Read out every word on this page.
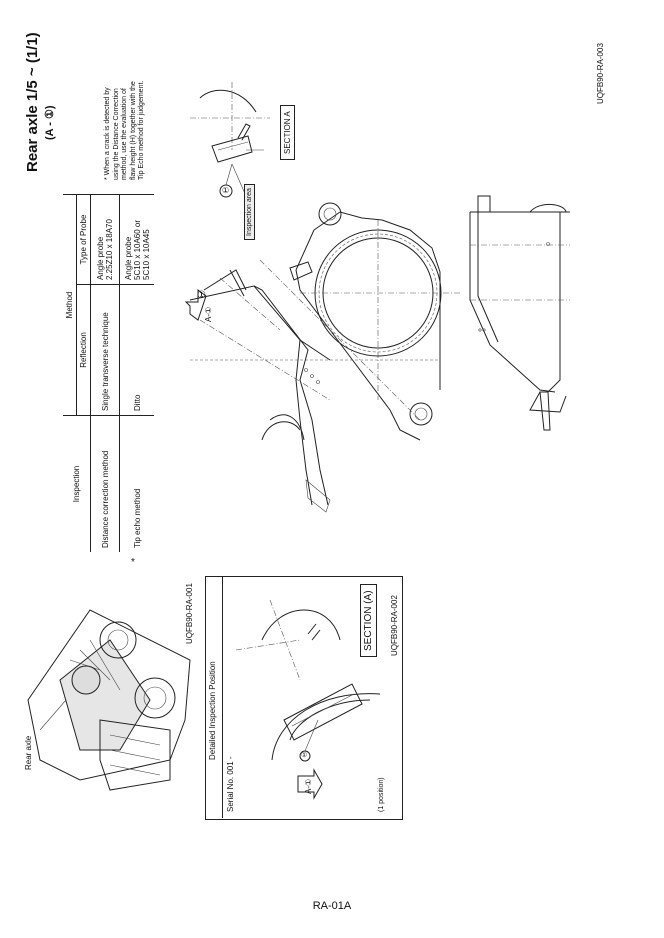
Rear axle 1/5 ~ (1/1) (A - ①)
UQFB90-RA-003
* When a crack is detected by using the Distance Correction method, use the evaluation of flaw height (H) together with the Tip Echo method for judgement.
Inspection	Method	
	Reflection	Type of Probe
Distance correction method	Single transverse technique	Angle probe 2.25Z10 x 18A70

Tip echo method	Ditto	Angle probe 5C10 x 10A60 or 5C10 x 10A45
*
①
A-①
① Inspection area
SECTION A
Rear axle
UQFB90-RA-001
Detailed Inspection Position
Serial No. 001 -
①
A-①
SECTION (A)
(1 position)
UQFB90-RA-002
RA-01A
